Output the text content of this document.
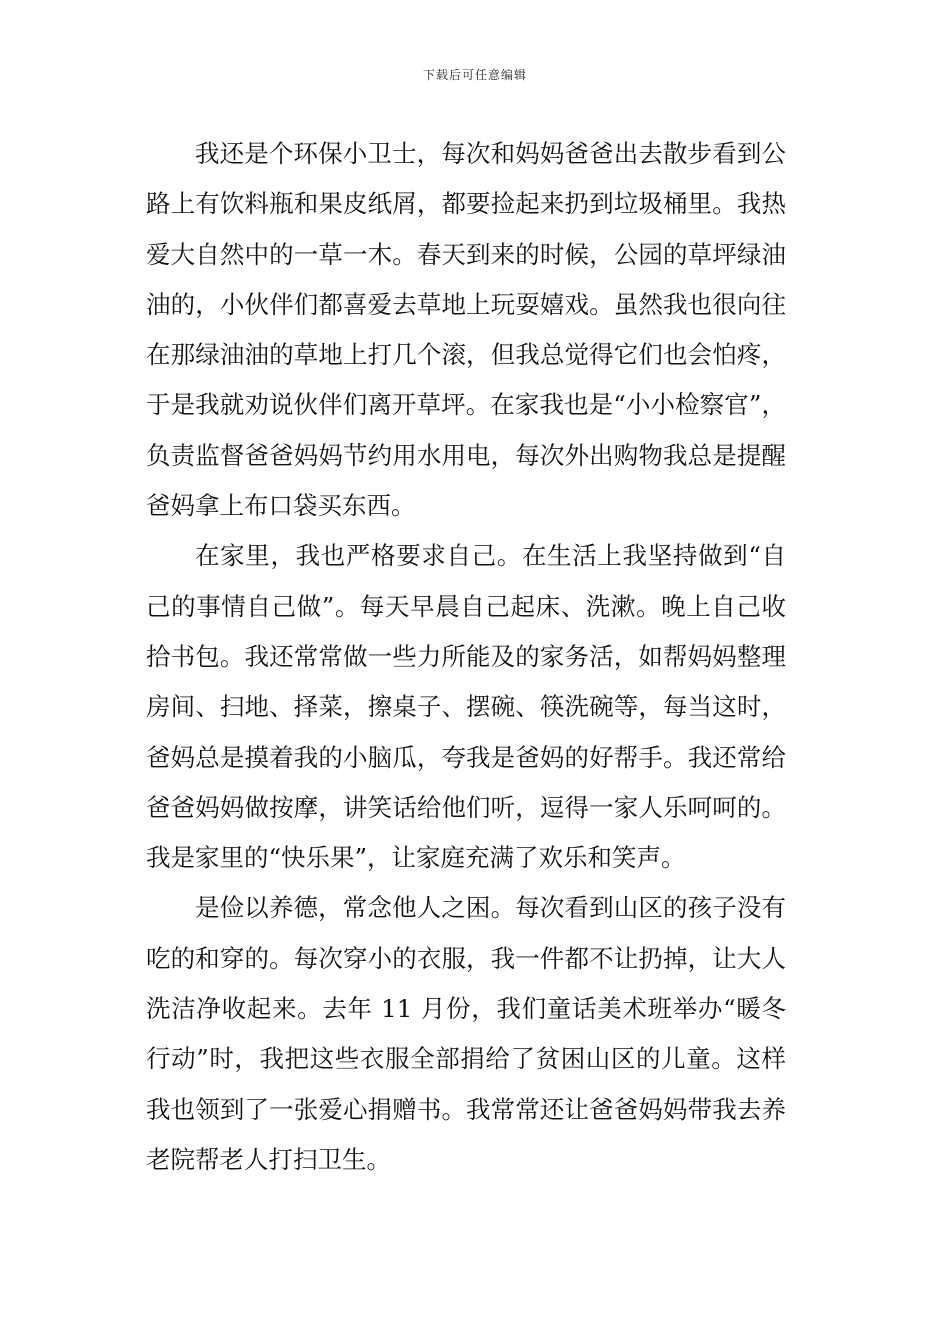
下载后可任意编辑

我还是个环保小卫士，每次和妈妈爸爸出去散步看到公路上有饮料瓶和果皮纸屑，都要捡起来扔到垃圾桶里。我热爱大自然中的一草一木。春天到来的时候，公园的草坪绿油油的，小伙伴们都喜爱去草地上玩耍嬉戏。虽然我也很向往在那绿油油的草地上打几个滚，但我总觉得它们也会怕疼，于是我就劝说伙伴们离开草坪。在家我也是“小小检察官”，负责监督爸爸妈妈节约用水用电，每次外出购物我总是提醒爸妈拿上布口袋买东西。

在家里，我也严格要求自己。在生活上我坚持做到“自己的事情自己做”。每天早晨自己起床、洗漱。晚上自己收拾书包。我还常常做一些力所能及的家务活，如帮妈妈整理房间、扫地、择菜，擦桌子、摆碗、筷洗碗等，每当这时，爸妈总是摸着我的小脑瓜，夸我是爸妈的好帮手。我还常给爸爸妈妈做按摩，讲笑话给他们听，逗得一家人乐呵呵的。我是家里的“快乐果”，让家庭充满了欢乐和笑声。

是俭以养德，常念他人之困。每次看到山区的孩子没有吃的和穿的。每次穿小的衣服，我一件都不让扔掉，让大人洗洁净收起来。去年 11 月份，我们童话美术班举办“暖冬行动”时，我把这些衣服全部捐给了贫困山区的儿童。这样我也领到了一张爱心捐赠书。我常常还让爸爸妈妈带我去养老院帮老人打扫卫生。
